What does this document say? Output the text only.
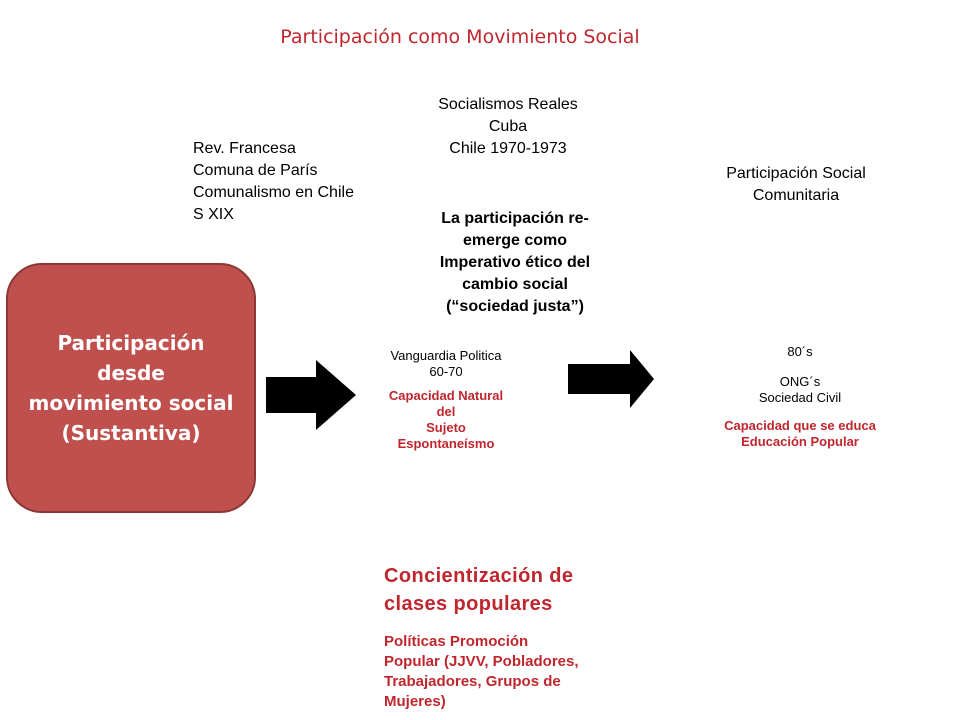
Participación como Movimiento Social
Participación
desde
movimiento social
(Sustantiva)
Rev. Francesa
Comuna de París
Comunalismo en Chile
S XIX
Socialismos Reales
Cuba
Chile 1970-1973
La participación re-
emerge como
Imperativo ético del
cambio social
(“sociedad justa”)
Participación Social
Comunitaria
Vanguardia Politica
60-70
Capacidad Natural
del
Sujeto
Espontaneísmo
80´s
ONG´s
Sociedad Civil
Capacidad que se educa
Educación Popular
Concientización de
clases populares
Políticas Promoción
Popular (JJVV, Pobladores,
Trabajadores, Grupos de
Mujeres)
